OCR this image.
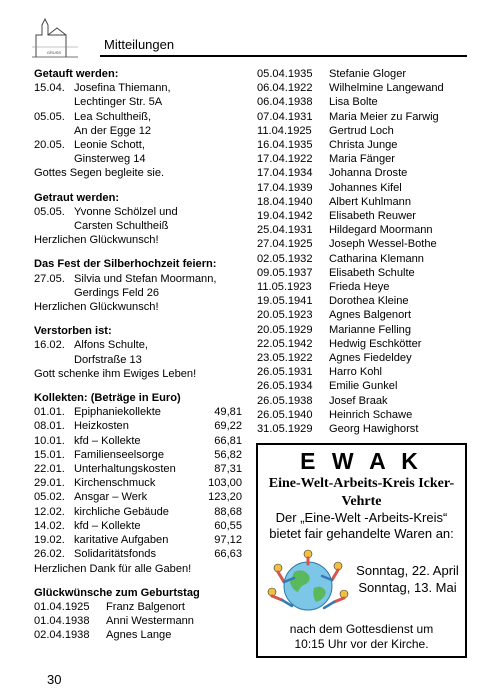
GRUSS
Mitteilungen
Getauft werden:
15.04. Josefina Thiemann,
Lechtinger Str. 5A
05.05. Lea Schultheiß,
An der Egge 12
20.05. Leonie Schott,
Ginsterweg 14
Gottes Segen begleite sie.
Getraut werden:
05.05. Yvonne Schölzel und
Carsten Schultheiß
Herzlichen Glückwunsch!
Das Fest der Silberhochzeit feiern:
27.05. Silvia und Stefan Moormann,
Gerdings Feld 26
Herzlichen Glückwunsch!
Verstorben ist:
16.02. Alfons Schulte,
Dorfstraße 13
Gott schenke ihm Ewiges Leben!
Kollekten: (Beträge in Euro)
01.01. Epiphaniekollekte	49,81
08.01. Heizkosten	69,22
10.01. kfd – Kollekte	66,81
15.01. Familienseelsorge	56,82
22.01. Unterhaltungskosten	87,31
29.01. Kirchenschmuck	103,00
05.02. Ansgar – Werk	123,20
12.02. kirchliche Gebäude	88,68
14.02. kfd – Kollekte	60,55
19.02. karitative Aufgaben	97,12
26.02. Solidaritätsfonds	66,63
Herzlichen Dank für alle Gaben!
Glückwünsche zum Geburtstag
01.04.1925	Franz Balgenort
01.04.1938	Anni Westermann
02.04.1938	Agnes Lange
05.04.1935	Stefanie Gloger
06.04.1922	Wilhelmine Langewand
06.04.1938	Lisa Bolte
07.04.1931	Maria Meier zu Farwig
11.04.1925	Gertrud Loch
16.04.1935	Christa Junge
17.04.1922	Maria Fänger
17.04.1934	Johanna Droste
17.04.1939	Johannes Kifel
18.04.1940	Albert Kuhlmann
19.04.1942	Elisabeth Reuwer
25.04.1931	Hildegard Moormann
27.04.1925	Joseph Wessel-Bothe
02.05.1932	Catharina Klemann
09.05.1937	Elisabeth Schulte
11.05.1923	Frieda Heye
19.05.1941	Dorothea Kleine
20.05.1923	Agnes Balgenort
20.05.1929	Marianne Felling
22.05.1942	Hedwig Eschkötter
23.05.1922	Agnes Fiedeldey
26.05.1931	Harro Kohl
26.05.1934	Emilie Gunkel
26.05.1938	Josef Braak
26.05.1940	Heinrich Schawe
31.05.1929	Georg Hawighorst
E W A K
Eine-Welt-Arbeits-Kreis Icker-
Vehrte
Der „Eine-Welt -Arbeits-Kreis“
bietet fair gehandelte Waren an:
Sonntag, 22. April
Sonntag, 13. Mai
nach dem Gottesdienst um
10:15 Uhr vor der Kirche.
30
